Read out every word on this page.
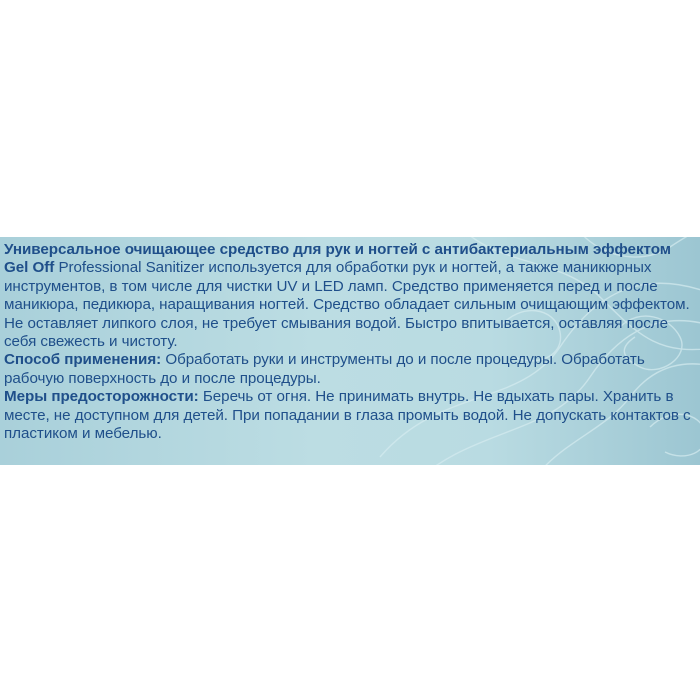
Универсальное очищающее средство для рук и ногтей с антибактериальным эффектом Gel Off Professional Sanitizer используется для обработки рук и ногтей, а также маникюрных инструментов, в том числе для чистки UV и LED ламп. Средство применяется перед и после маникюра, педикюра, наращивания ногтей. Средство обладает сильным очищающим эффектом. Не оставляет липкого слоя, не требует смывания водой. Быстро впитывается, оставляя после себя свежесть и чистоту.

Способ применения: Обработать руки и инструменты до и после процедуры. Обработать рабочую поверхность до и после процедуры.

Меры предосторожности: Беречь от огня. Не принимать внутрь. Не вдыхать пары. Хранить в месте, не доступном для детей. При попадании в глаза промыть водой. Не допускать контактов с пластиком и мебелью.
